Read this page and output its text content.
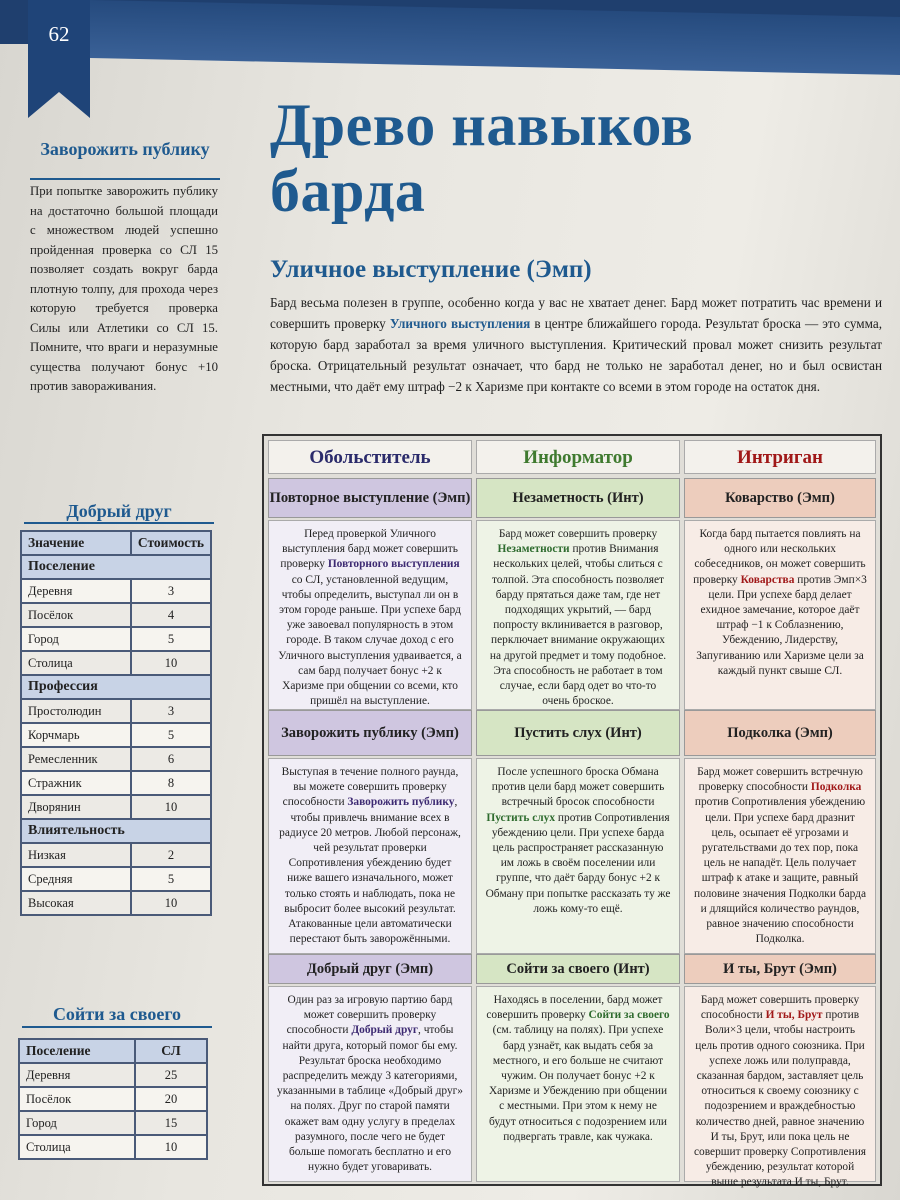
62
Древо навыков
барда
Уличное выступление (Эмп)
Бард весьма полезен в группе, особенно когда у вас не хватает денег. Бард может потратить час времени и совершить проверку Уличного выступления в центре ближайшего города. Результат броска — это сумма, которую бард заработал за время уличного выступления. Критический провал может снизить результат броска. Отрицательный результат означает, что бард не только не заработал денег, но и был освистан местными, что даёт ему штраф −2 к Харизме при контакте со всеми в этом городе на остаток дня.
Заворожить публику
При попытке заворожить публику на достаточно большой площади с множеством людей успешно пройденная проверка со СЛ 15 позволяет создать вокруг барда плотную толпу, для прохода через которую требуется проверка Силы или Атлетики со СЛ 15. Помните, что враги и неразумные существа получают бонус +10 против завораживания.
Добрый друг
Значение	Стоимость
Поселение	
Деревня	3
Посёлок	4
Город	5
Столица	10
Профессия	
Простолюдин	3
Корчмарь	5
Ремесленник	6
Стражник	8
Дворянин	10
Влиятельность	
Низкая	2
Средняя	5
Высокая	10
Сойти за своего
Поселение	СЛ
Деревня	25
Посёлок	20
Город	15
Столица	10
Обольститель	Информатор	Интриган
Повторное выступление (Эмп)
Перед проверкой Уличного выступления бард может совершить проверку Повторного выступления со СЛ, установленной ведущим, чтобы определить, выступал ли он в этом городе раньше. При успехе бард уже завоевал популярность в этом городе. В таком случае доход с его Уличного выступления удваивается, а сам бард получает бонус +2 к Харизме при общении со всеми, кто пришёл на выступление.
Незаметность (Инт)
Бард может совершить проверку Незаметности против Внимания нескольких целей, чтобы слиться с толпой. Эта способность позволяет барду прятаться даже там, где нет подходящих укрытий, — бард попросту вклинивается в разговор, перключает внимание окружающих на другой предмет и тому подобное. Эта способность не работает в том случае, если бард одет во что-то очень броское.
Коварство (Эмп)
Когда бард пытается повлиять на одного или нескольких собеседников, он может совершить проверку Коварства против Эмп×3 цели. При успехе бард делает ехидное замечание, которое даёт штраф −1 к Соблазнению, Убеждению, Лидерству, Запугиванию или Харизме цели за каждый пункт свыше СЛ.
Заворожить публику (Эмп)
Выступая в течение полного раунда, вы можете совершить проверку способности Заворожить публику, чтобы привлечь внимание всех в радиусе 20 метров. Любой персонаж, чей результат проверки Сопротивления убеждению будет ниже вашего изначального, может только стоять и наблюдать, пока не выбросит более высокий результат. Атакованные цели автоматически перестают быть заворожёнными.
Пустить слух (Инт)
После успешного броска Обмана против цели бард может совершить встречный бросок способности Пустить слух против Сопротивления убеждению цели. При успехе барда цель распространяет рассказанную им ложь в своём поселении или группе, что даёт барду бонус +2 к Обману при попытке рассказать ту же ложь кому-то ещё.
Подколка (Эмп)
Бард может совершить встречную проверку способности Подколка против Сопротивления убеждению цели. При успехе бард дразнит цель, осыпает её угрозами и ругательствами до тех пор, пока цель не нападёт. Цель получает штраф к атаке и защите, равный половине значения Подколки барда и длящийся количество раундов, равное значению способности Подколка.
Добрый друг (Эмп)
Один раз за игровую партию бард может совершить проверку способности Добрый друг, чтобы найти друга, который помог бы ему. Результат броска необходимо распределить между 3 категориями, указанными в таблице «Добрый друг» на полях. Друг по старой памяти окажет вам одну услугу в пределах разумного, после чего не будет больше помогать бесплатно и его нужно будет уговаривать.
Сойти за своего (Инт)
Находясь в поселении, бард может совершить проверку Сойти за своего (см. таблицу на полях). При успехе бард узнаёт, как выдать себя за местного, и его больше не считают чужим. Он получает бонус +2 к Харизме и Убеждению при общении с местными. При этом к нему не будут относиться с подозрением или подвергать травле, как чужака.
И ты, Брут (Эмп)
Бард может совершить проверку способности И ты, Брут против Воли×3 цели, чтобы настроить цель против одного союзника. При успехе ложь или полуправда, сказанная бардом, заставляет цель относиться к своему союзнику с подозрением и враждебностью количество дней, равное значению И ты, Брут, или пока цель не совершит проверку Сопротивления убеждению, результат которой выше результата И ты, Брут.
